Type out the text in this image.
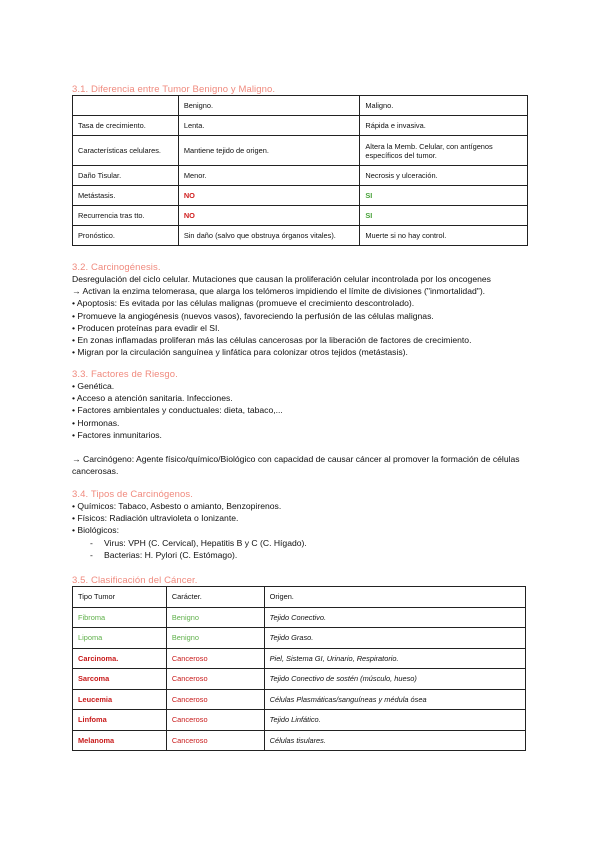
3.1. Diferencia entre Tumor Benigno y Maligno.
	Benigno.	Maligno.
Tasa de crecimiento.	Lenta.	Rápida e invasiva.
Características celulares.	Mantiene tejido de origen.	Altera la Memb. Celular, con antígenos específicos del tumor.
Daño Tisular.	Menor.	Necrosis y ulceración.
Metástasis.	NO	SI
Recurrencia tras tto.	NO	SI
Pronóstico.	Sin daño (salvo que obstruya órganos vitales).	Muerte si no hay control.
3.2. Carcinogénesis.
Desregulación del ciclo celular. Mutaciones que causan la proliferación celular incontrolada por los oncogenes
→ Activan la enzima telomerasa, que alarga los telómeros impidiendo el límite de divisiones ("inmortalidad").
• Apoptosis: Es evitada por las células malignas (promueve el crecimiento descontrolado).
• Promueve la angiogénesis (nuevos vasos), favoreciendo la perfusión de las células malignas.
• Producen proteínas para evadir el SI.
• En zonas inflamadas proliferan más las células cancerosas por la liberación de factores de crecimiento.
• Migran por la circulación sanguínea y linfática para colonizar otros tejidos (metástasis).
3.3. Factores de Riesgo.
• Genética.
• Acceso a atención sanitaria. Infecciones.
• Factores ambientales y conductuales: dieta, tabaco,...
• Hormonas.
• Factores inmunitarios.
→ Carcinógeno: Agente físico/químico/Biológico con capacidad de causar cáncer al promover la formación de células cancerosas.
3.4. Tipos de Carcinógenos.
• Químicos: Tabaco, Asbesto o amianto, Benzopirenos.
• Físicos: Radiación ultravioleta o Ionizante.
• Biológicos:
- Virus: VPH (C. Cervical), Hepatitis B y C (C. Hígado).
- Bacterias: H. Pylori (C. Estómago).
3.5. Clasificación del Cáncer.
Tipo Tumor	Carácter.	Origen.
Fibroma	Benigno	Tejido Conectivo.
Lipoma	Benigno	Tejido Graso.
Carcinoma.	Canceroso	Piel, Sistema GI, Urinario, Respiratorio.
Sarcoma	Canceroso	Tejido Conectivo de sostén (músculo, hueso)
Leucemia	Canceroso	Células Plasmáticas/sanguíneas y médula ósea
Linfoma	Canceroso	Tejido Linfático.
Melanoma	Canceroso	Células tisulares.
